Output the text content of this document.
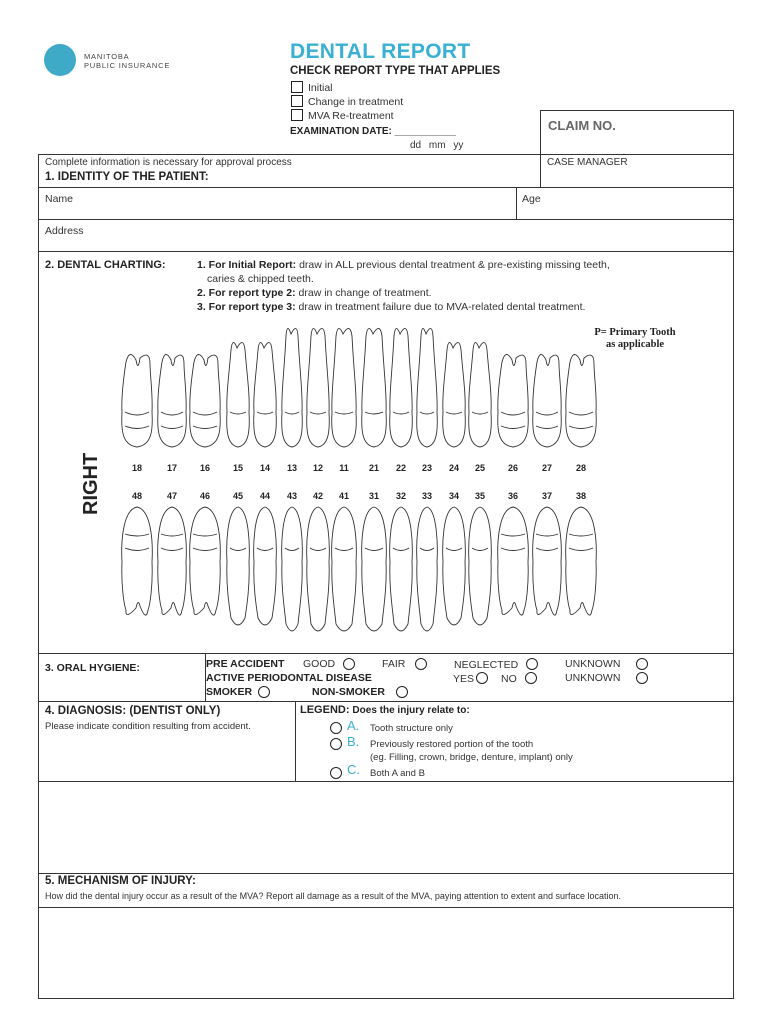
MANITOBA
PUBLIC INSURANCE
DENTAL REPORT
CHECK REPORT TYPE THAT APPLIES
Initial
Change in treatment
MVA Re-treatment
EXAMINATION DATE: ___________
dd mm yy
CLAIM NO.
Complete information is necessary for approval process	CASE MANAGER
1. IDENTITY OF THE PATIENT:
Name	Age
Address
2. DENTAL CHARTING:	1. For Initial Report: draw in ALL previous dental treatment & pre-existing missing teeth,
caries & chipped teeth.
2. For report type 2: draw in change of treatment.
3. For report type 3: draw in treatment failure due to MVA-related dental treatment.
3. ORAL HYGIENE:
4. DIAGNOSIS: (DENTIST ONLY)
Please indicate condition resulting from accident.
5. MECHANISM OF INJURY:
How did the dental injury occur as a result of the MVA? Report all damage as a result of the MVA, paying attention to extent and surface location.
P= Primary Tooth
as applicable
RIGHT	18	17	16	15	14	13	12	11	21	22	23	24	25	26	27	28
48	47	46	45	44	43	42	41	31	32	33	34	35	36	37	38
PRE ACCIDENT GOOD	FAIR	NEGLECTED	UNKNOWN
ACTIVE PERIODONTAL DISEASE	YES	NO	UNKNOWN
SMOKER	NON-SMOKER
LEGEND: Does the injury relate to:
A. Tooth structure only
B. Previously restored portion of the tooth
(eg. Filling, crown, bridge, denture, implant) only
C. Both A and B
